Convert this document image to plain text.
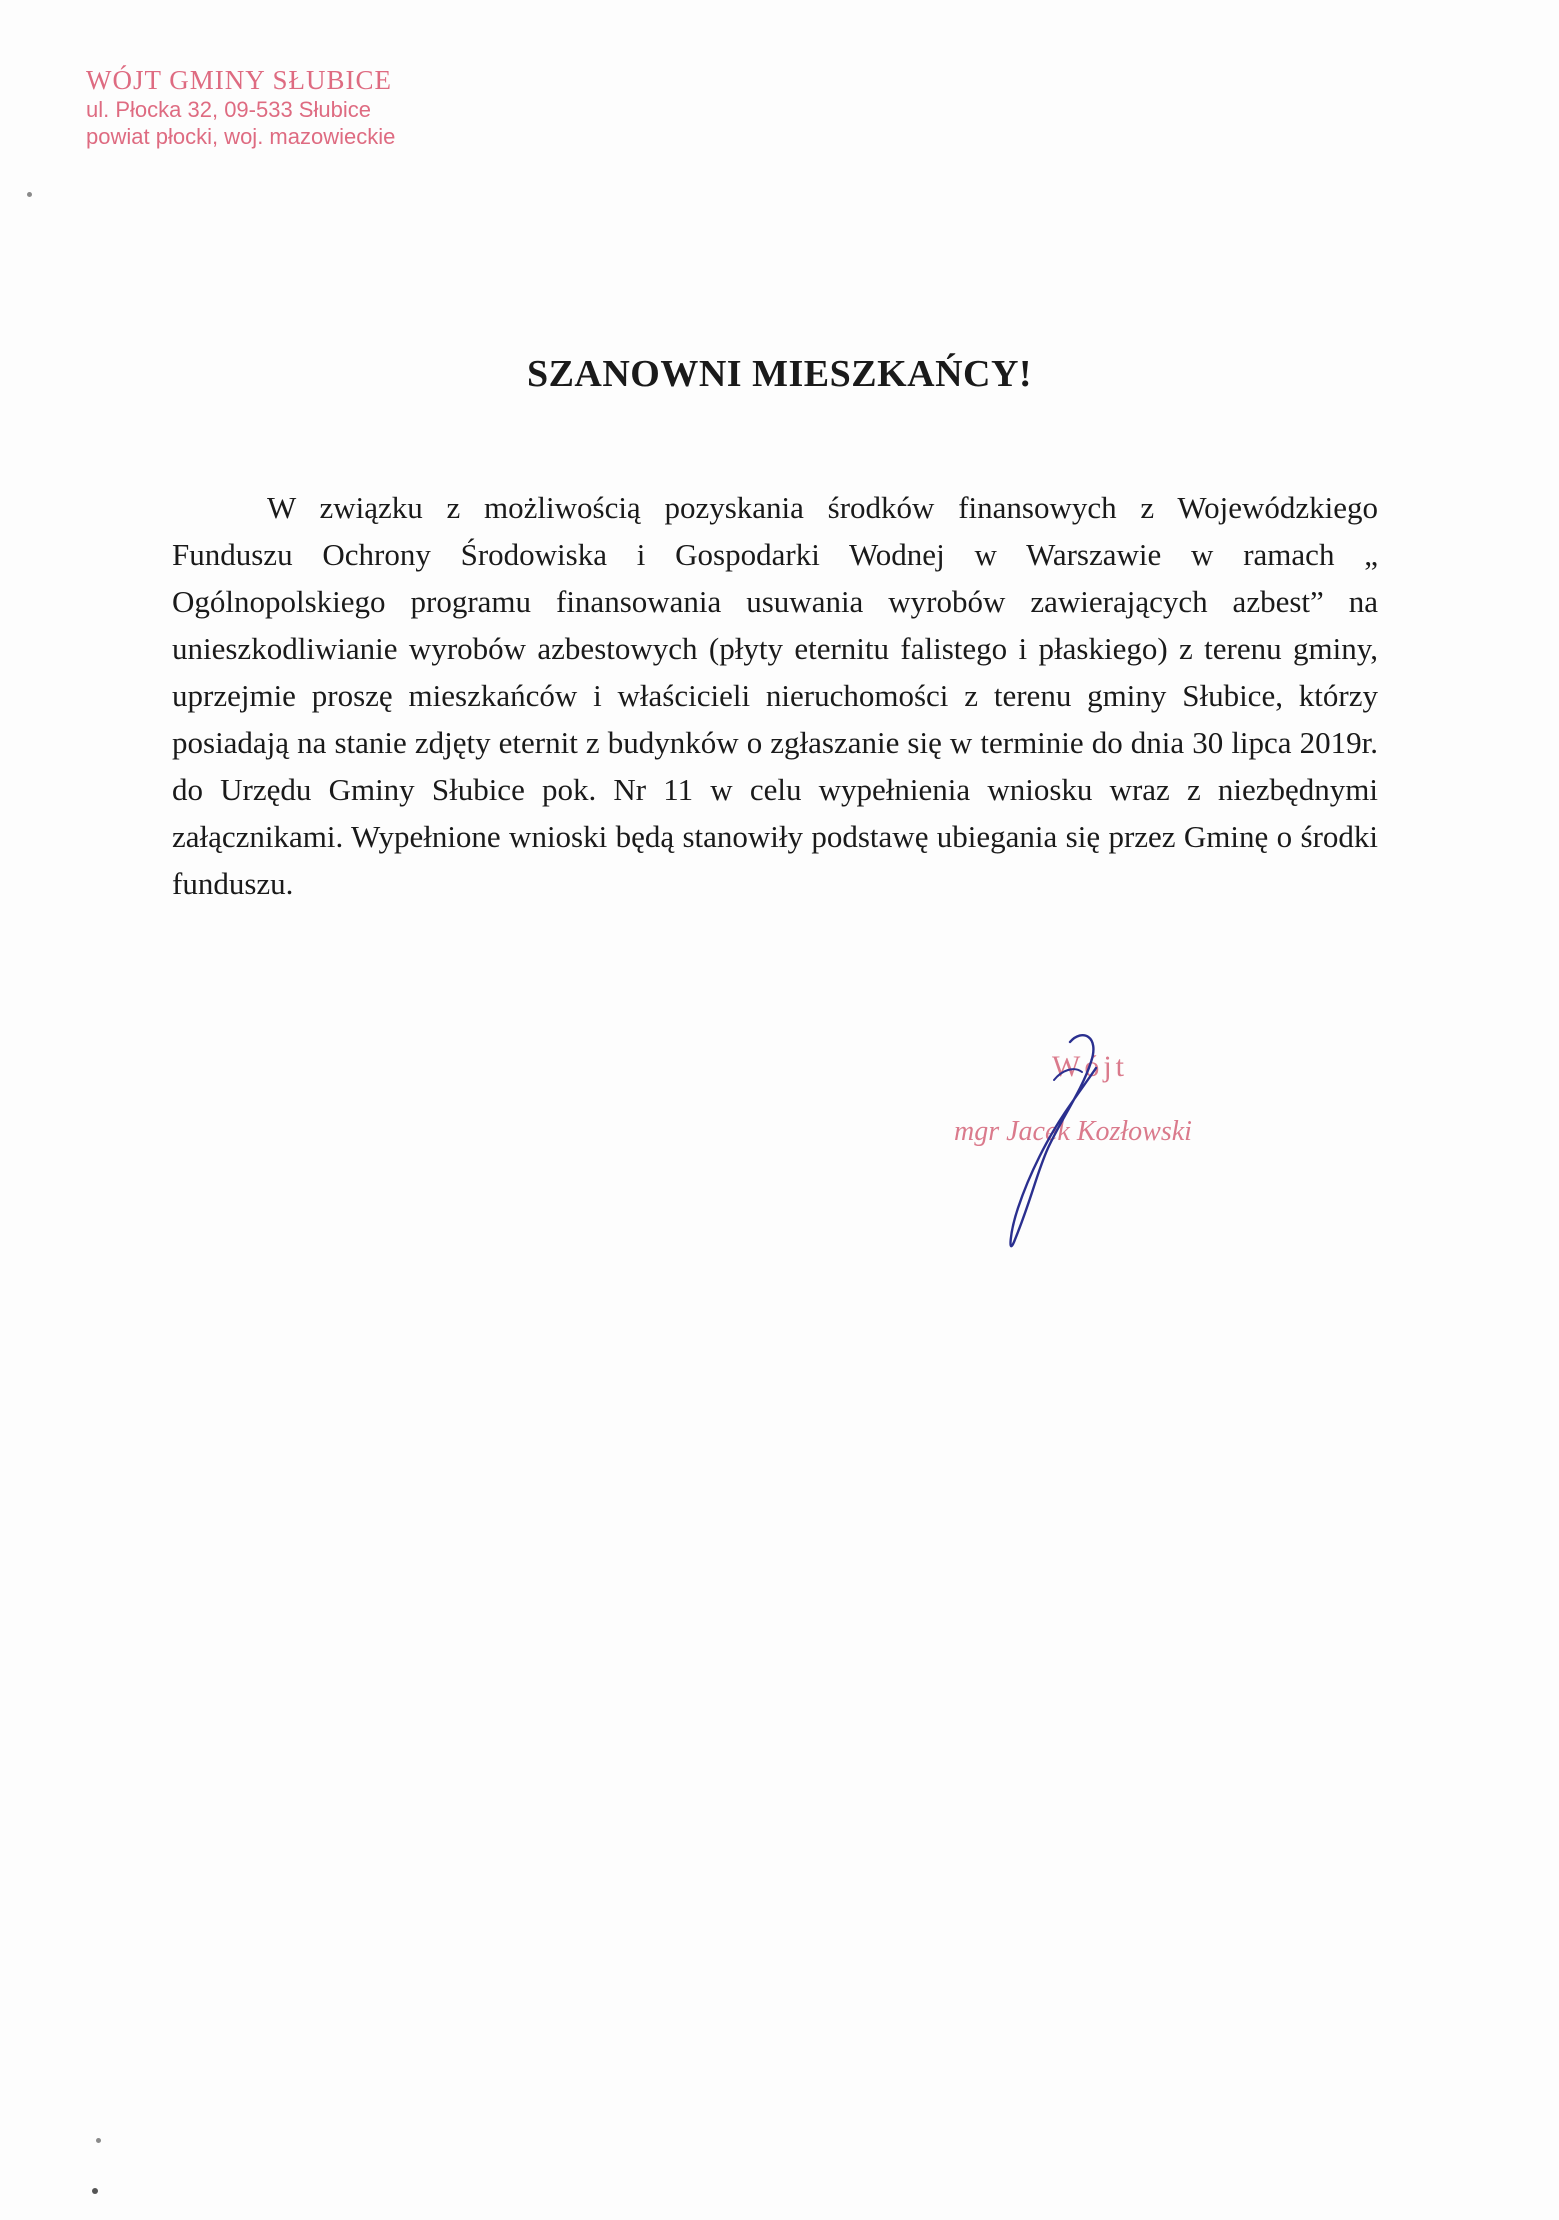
WÓJT GMINY SŁUBICE
ul. Płocka 32, 09-533 Słubice
powiat płocki, woj. mazowieckie
SZANOWNI MIESZKAŃCY!
W związku z możliwością pozyskania środków finansowych z Wojewódzkiego Funduszu Ochrony Środowiska i Gospodarki Wodnej w Warszawie w ramach „ Ogólnopolskiego programu finansowania usuwania wyrobów zawierających azbest” na unieszkodliwianie wyrobów azbestowych (płyty eternitu falistego i płaskiego) z terenu gminy, uprzejmie proszę mieszkańców i właścicieli nieruchomości z terenu gminy Słubice, którzy posiadają na stanie zdjęty eternit z budynków o zgłaszanie się w terminie do dnia 30 lipca 2019r. do Urzędu Gminy Słubice pok. Nr 11 w celu wypełnienia wniosku wraz z niezbędnymi załącznikami. Wypełnione wnioski będą stanowiły podstawę ubiegania się przez Gminę o środki funduszu.
Wójt
mgr Jacek Kozłowski
